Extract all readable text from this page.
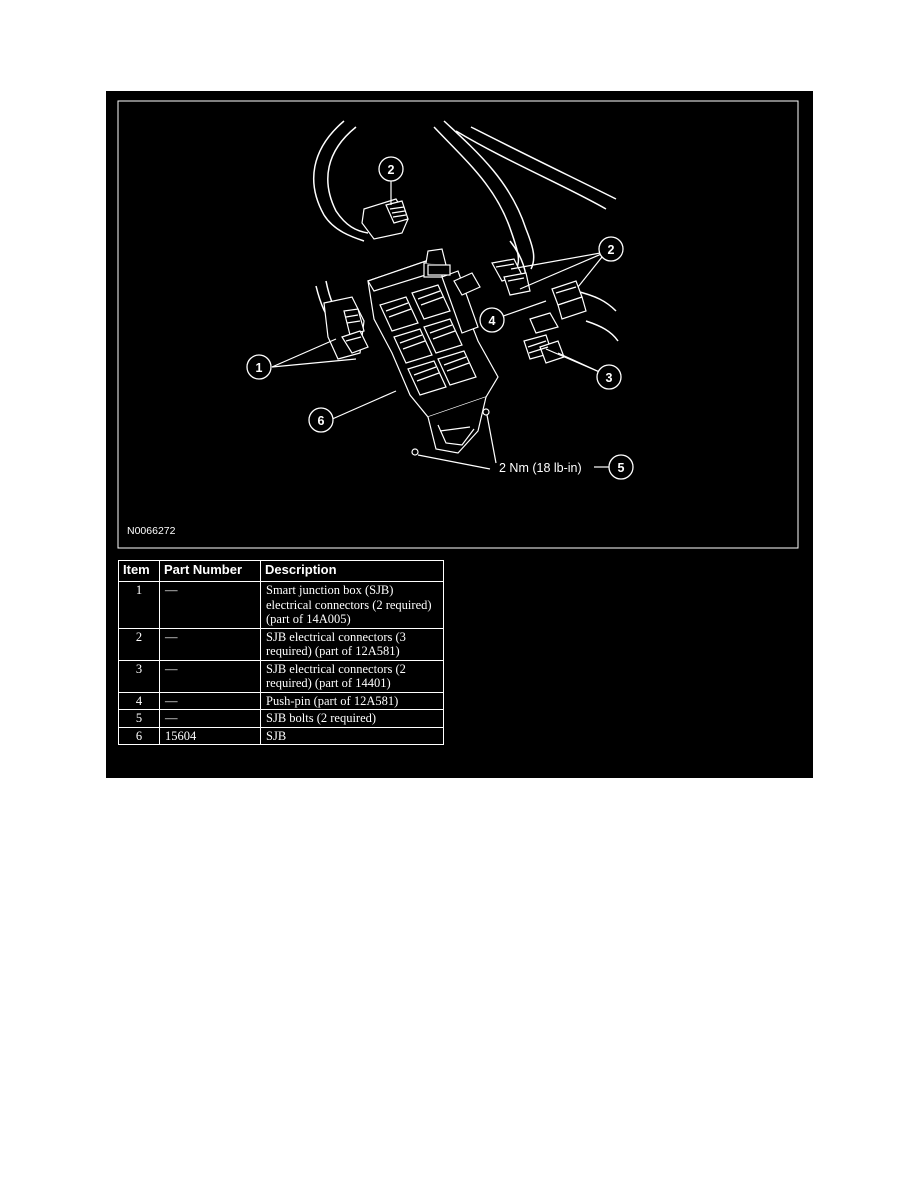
1
2
2
3
4
5
6
2 Nm (18 lb-in)
N0066272
Item	Part Number	Description
1	—	Smart junction box (SJB) electrical connectors (2 required) (part of 14A005)
2	—	SJB electrical connectors (3 required) (part of 12A581)
3	—	SJB electrical connectors (2 required) (part of 14401)
4	—	Push-pin (part of 12A581)
5	—	SJB bolts (2 required)
6	15604	SJB
